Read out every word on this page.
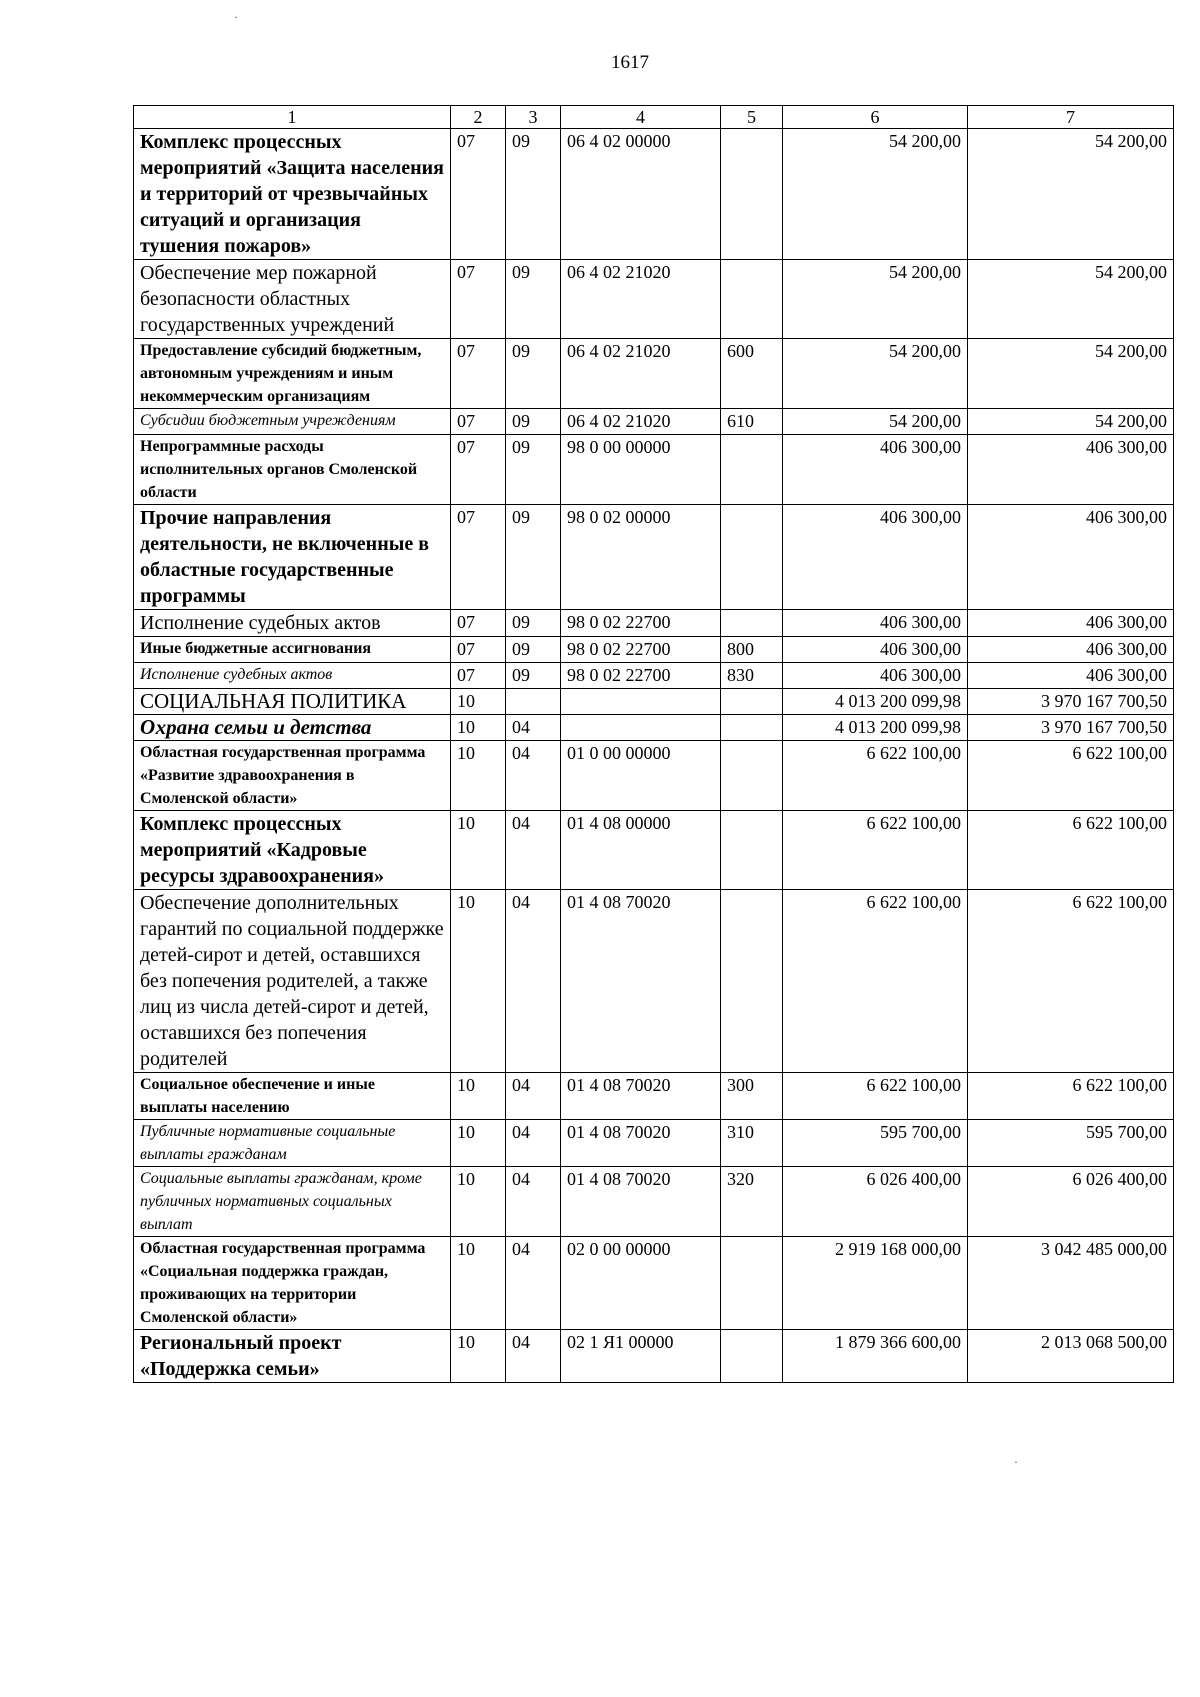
1617
1	2	3	4	5	6	7
Комплекс процессных мероприятий «Защита населения и территорий от чрезвычайных ситуаций и организация тушения пожаров»	07	09	06 4 02 00000		54 200,00	54 200,00
Обеспечение мер пожарной безопасности областных государственных учреждений	07	09	06 4 02 21020		54 200,00	54 200,00
Предоставление субсидий бюджетным, автономным учреждениям и иным некоммерческим организациям	07	09	06 4 02 21020	600	54 200,00	54 200,00
Субсидии бюджетным учреждениям	07	09	06 4 02 21020	610	54 200,00	54 200,00
Непрограммные расходы исполнительных органов Смоленской области	07	09	98 0 00 00000		406 300,00	406 300,00
Прочие направления деятельности, не включенные в областные государственные программы	07	09	98 0 02 00000		406 300,00	406 300,00
Исполнение судебных актов	07	09	98 0 02 22700		406 300,00	406 300,00
Иные бюджетные ассигнования	07	09	98 0 02 22700	800	406 300,00	406 300,00
Исполнение судебных актов	07	09	98 0 02 22700	830	406 300,00	406 300,00
СОЦИАЛЬНАЯ ПОЛИТИКА	10				4 013 200 099,98	3 970 167 700,50
Охрана семьи и детства	10	04			4 013 200 099,98	3 970 167 700,50
Областная государственная программа «Развитие здравоохранения в Смоленской области»	10	04	01 0 00 00000		6 622 100,00	6 622 100,00
Комплекс процессных мероприятий «Кадровые ресурсы здравоохранения»	10	04	01 4 08 00000		6 622 100,00	6 622 100,00
Обеспечение дополнительных гарантий по социальной поддержке детей-сирот и детей, оставшихся без попечения родителей, а также лиц из числа детей-сирот и детей, оставшихся без попечения родителей	10	04	01 4 08 70020		6 622 100,00	6 622 100,00
Социальное обеспечение и иные выплаты населению	10	04	01 4 08 70020	300	6 622 100,00	6 622 100,00
Публичные нормативные социальные выплаты гражданам	10	04	01 4 08 70020	310	595 700,00	595 700,00
Социальные выплаты гражданам, кроме публичных нормативных социальных выплат	10	04	01 4 08 70020	320	6 026 400,00	6 026 400,00
Областная государственная программа «Социальная поддержка граждан, проживающих на территории Смоленской области»	10	04	02 0 00 00000		2 919 168 000,00	3 042 485 000,00
Региональный проект «Поддержка семьи»	10	04	02 1 Я1 00000		1 879 366 600,00	2 013 068 500,00
·
·
